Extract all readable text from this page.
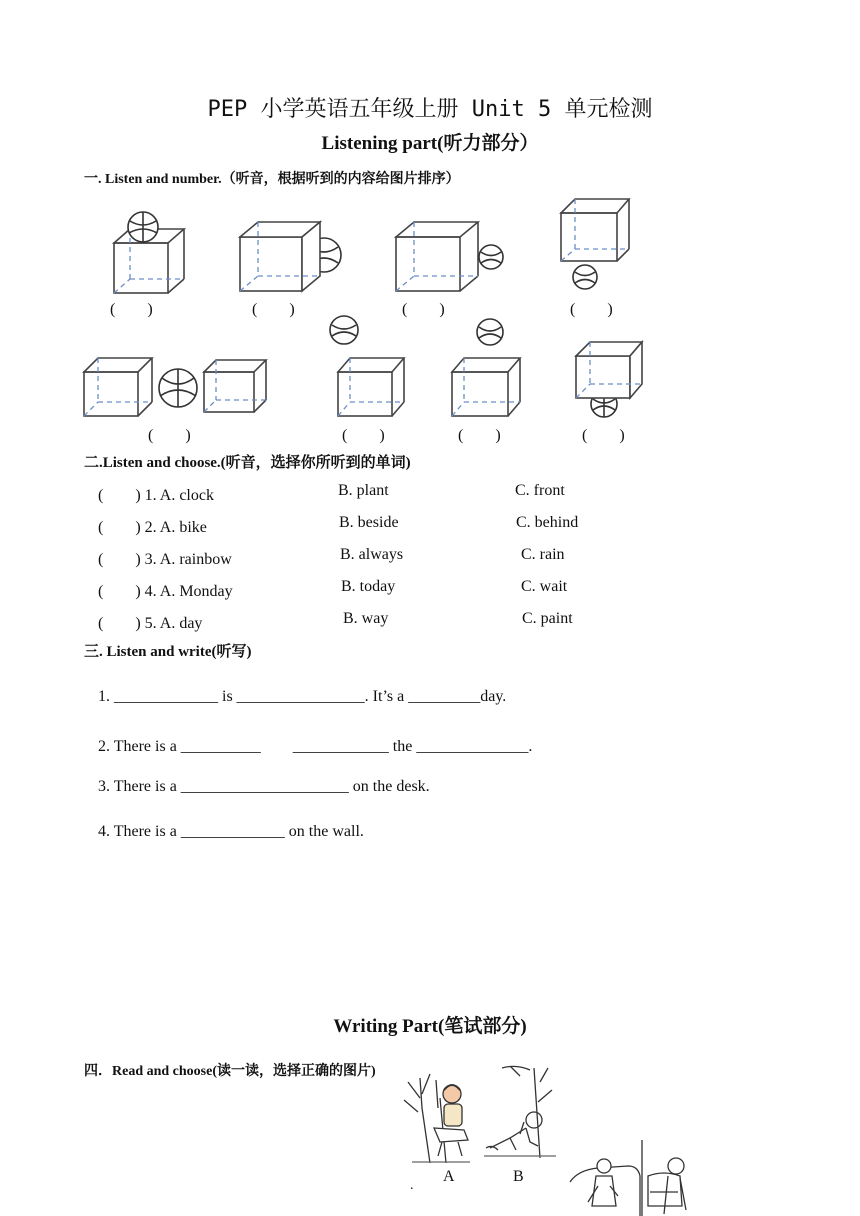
PEP 小学英语五年级上册 Unit 5 单元检测
Listening part(听力部分）
一. Listen and number.（听音，根据听到的内容给图片排序）
(　　)	(　　)	(　　)	(　　)
(　　)	(　　)	(　　)	(　　)
二.Listen and choose.(听音，选择你所听到的单词)
(　　) 1. A. clock	B. plant	C. front
(　　) 2. A. bike	B. beside	C. behind
(　　) 3. A. rainbow	B. always	C. rain
(　　) 4. A. Monday	B. today	C. wait
(　　) 5. A. day	B. way	C. paint
三. Listen and write(听写)
1. _____________ is ________________. It’s a _________day.
2. There is a __________　　____________ the ______________.
3. There is a _____________________ on the desk.
4. There is a _____________ on the wall.
Writing Part(笔试部分)
四．Read and choose(读一读，选择正确的图片)
A	B
.
